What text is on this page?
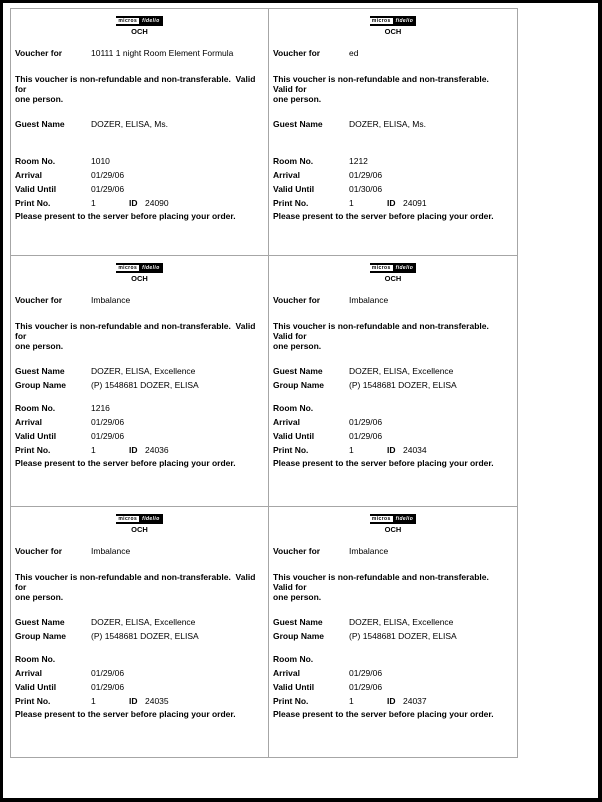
micros	fidelio
OCH
Voucher for	10111 1 night Room Element Formula
This voucher is non-refundable and non-transferable.  Valid for
one person.
Guest Name	DOZER, ELISA, Ms.
Room No.	1010
Arrival	01/29/06
Valid Until	01/29/06
Print No.	1	ID 24090
Please present to the server before placing your order.
micros	fidelio
OCH
Voucher for	ed
This voucher is non-refundable and non-transferable.  Valid for
one person.
Guest Name	DOZER, ELISA, Ms.
Room No.	1212
Arrival	01/29/06
Valid Until	01/30/06
Print No.	1	ID 24091
Please present to the server before placing your order.
micros	fidelio
OCH
Voucher for	Imbalance
This voucher is non-refundable and non-transferable.  Valid for
one person.
Guest Name	DOZER, ELISA, Excellence
Group Name	(P) 1548681 DOZER, ELISA
Room No.	1216
Arrival	01/29/06
Valid Until	01/29/06
Print No.	1	ID 24036
Please present to the server before placing your order.
micros	fidelio
OCH
Voucher for	Imbalance
This voucher is non-refundable and non-transferable.  Valid for
one person.
Guest Name	DOZER, ELISA, Excellence
Group Name	(P) 1548681 DOZER, ELISA
Room No.
Arrival	01/29/06
Valid Until	01/29/06
Print No.	1	ID 24034
Please present to the server before placing your order.
micros	fidelio
OCH
Voucher for	Imbalance
This voucher is non-refundable and non-transferable.  Valid for
one person.
Guest Name	DOZER, ELISA, Excellence
Group Name	(P) 1548681 DOZER, ELISA
Room No.
Arrival	01/29/06
Valid Until	01/29/06
Print No.	1	ID 24035
Please present to the server before placing your order.
micros	fidelio
OCH
Voucher for	Imbalance
This voucher is non-refundable and non-transferable.  Valid for
one person.
Guest Name	DOZER, ELISA, Excellence
Group Name	(P) 1548681 DOZER, ELISA
Room No.
Arrival	01/29/06
Valid Until	01/29/06
Print No.	1	ID 24037
Please present to the server before placing your order.
